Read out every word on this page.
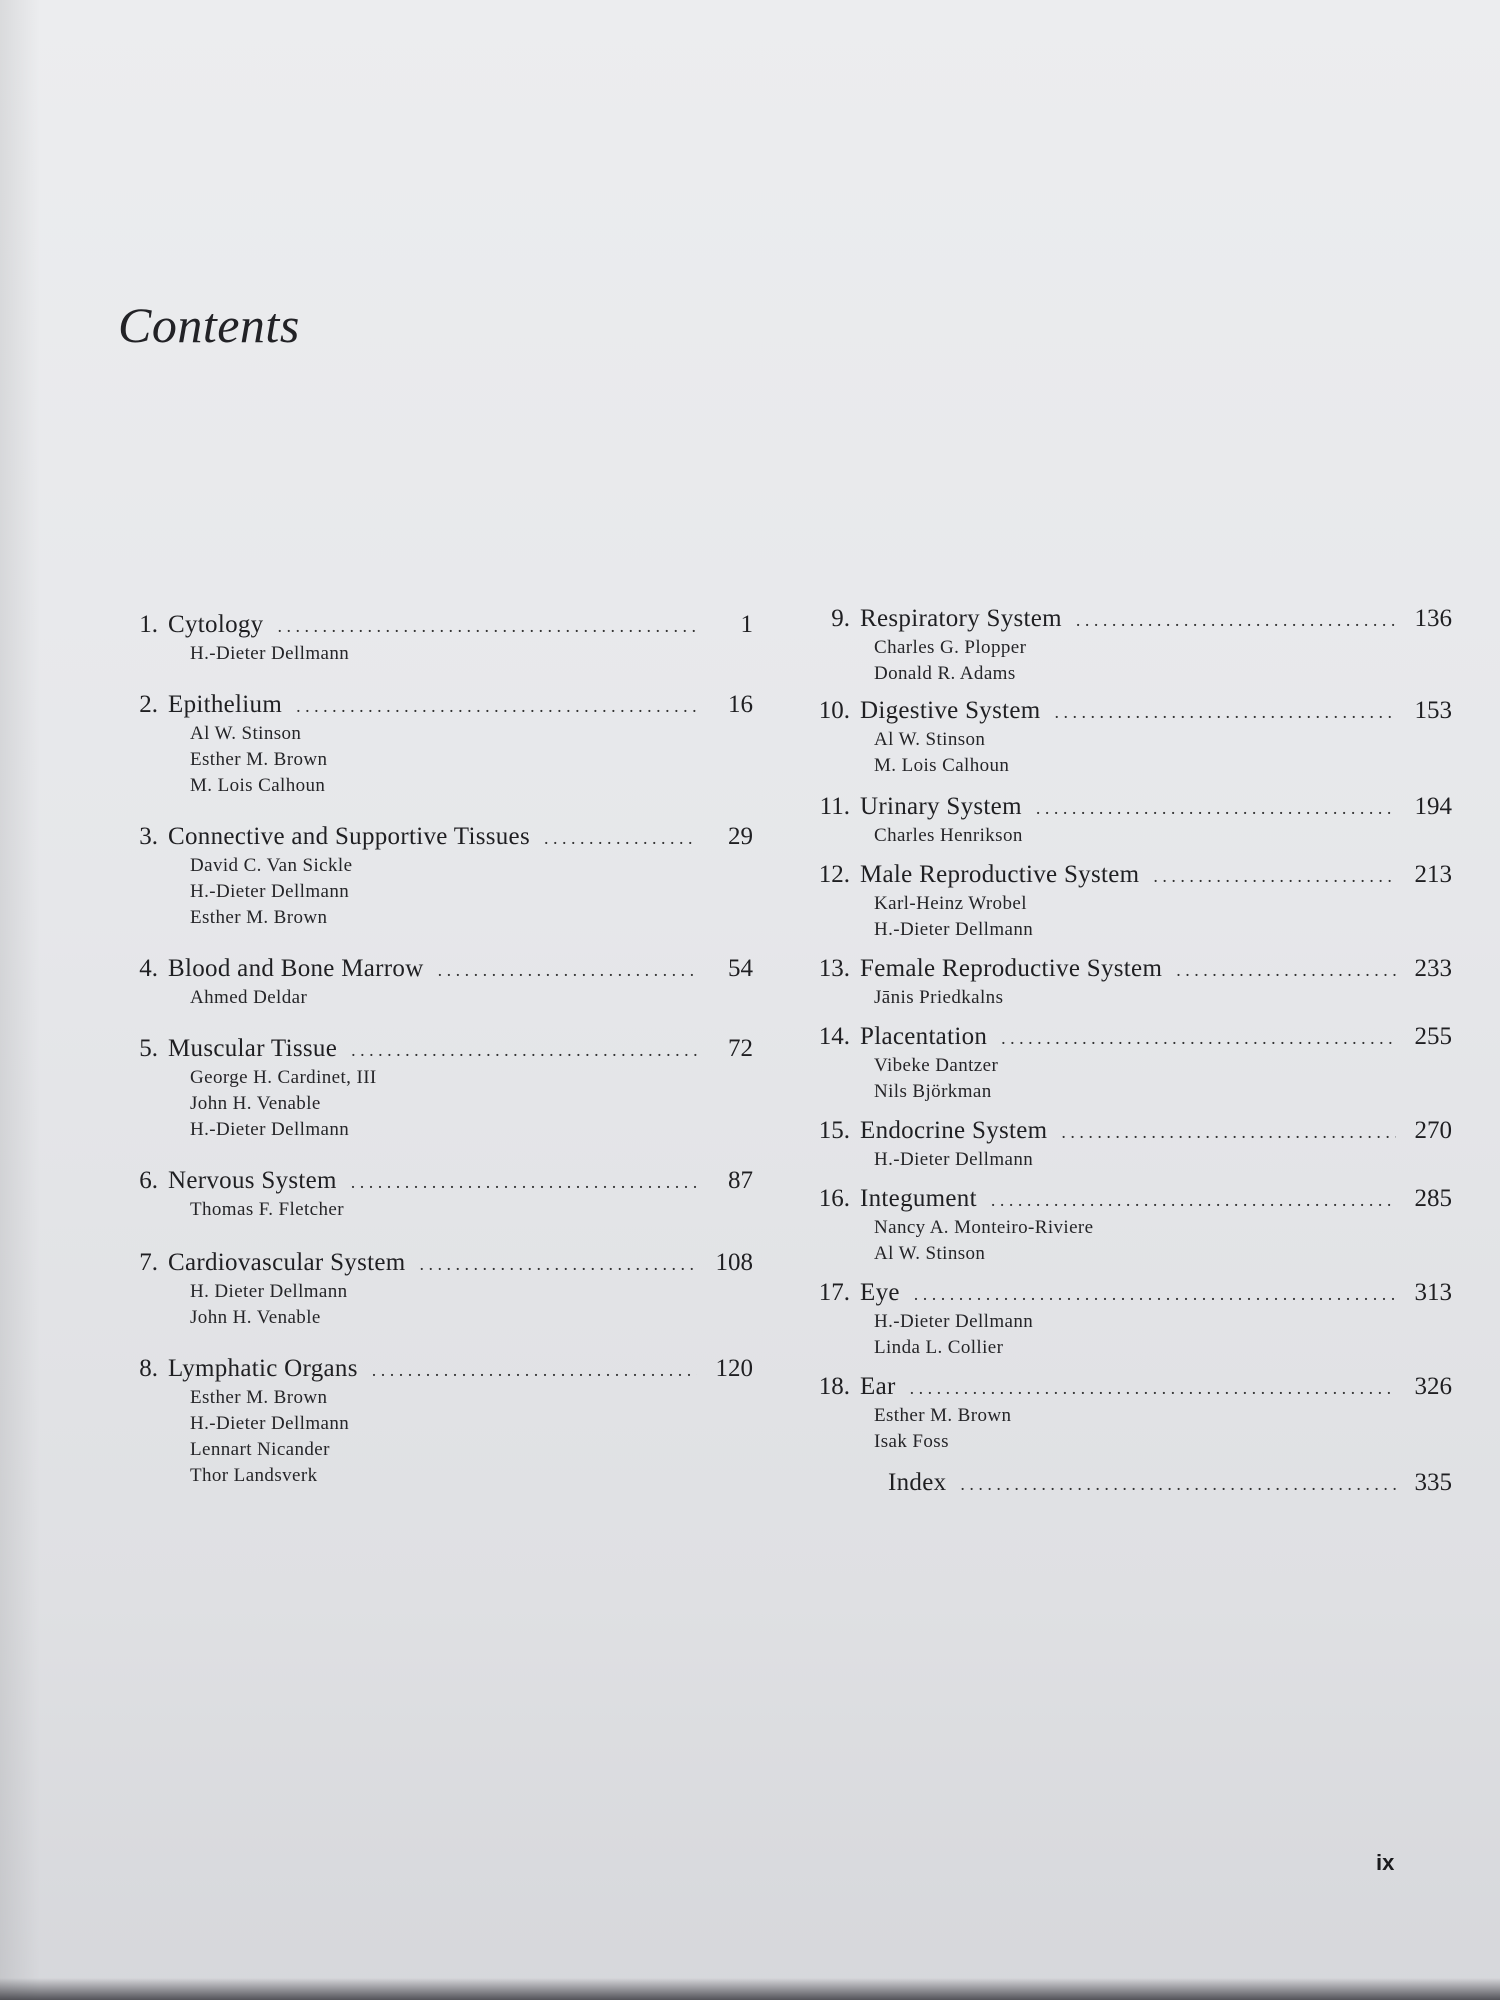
Contents
1. Cytology . . .	1
H.-Dieter Dellmann
2. Epithelium . . .	16
Al W. Stinson
Esther M. Brown
M. Lois Calhoun
3. Connective and Supportive Tissues . . .	29
David C. Van Sickle
H.-Dieter Dellmann
Esther M. Brown
4. Blood and Bone Marrow . . .	54
Ahmed Deldar
5. Muscular Tissue . . .	72
George H. Cardinet, III
John H. Venable
H.-Dieter Dellmann
6. Nervous System . . .	87
Thomas F. Fletcher
7. Cardiovascular System . . .	108
H. Dieter Dellmann
John H. Venable
8. Lymphatic Organs . . .	120
Esther M. Brown
H.-Dieter Dellmann
Lennart Nicander
Thor Landsverk
9. Respiratory System . . .	136
Charles G. Plopper
Donald R. Adams
10. Digestive System . . .	153
Al W. Stinson
M. Lois Calhoun
11. Urinary System . . .	194
Charles Henrikson
12. Male Reproductive System . . .	213
Karl-Heinz Wrobel
H.-Dieter Dellmann
13. Female Reproductive System . . .	233
Jānis Priedkalns
14. Placentation . . .	255
Vibeke Dantzer
Nils Björkman
15. Endocrine System . . .	270
H.-Dieter Dellmann
16. Integument . . .	285
Nancy A. Monteiro-Riviere
Al W. Stinson
17. Eye . . .	313
H.-Dieter Dellmann
Linda L. Collier
18. Ear . . .	326
Esther M. Brown
Isak Foss
Index . . .	335
ix
